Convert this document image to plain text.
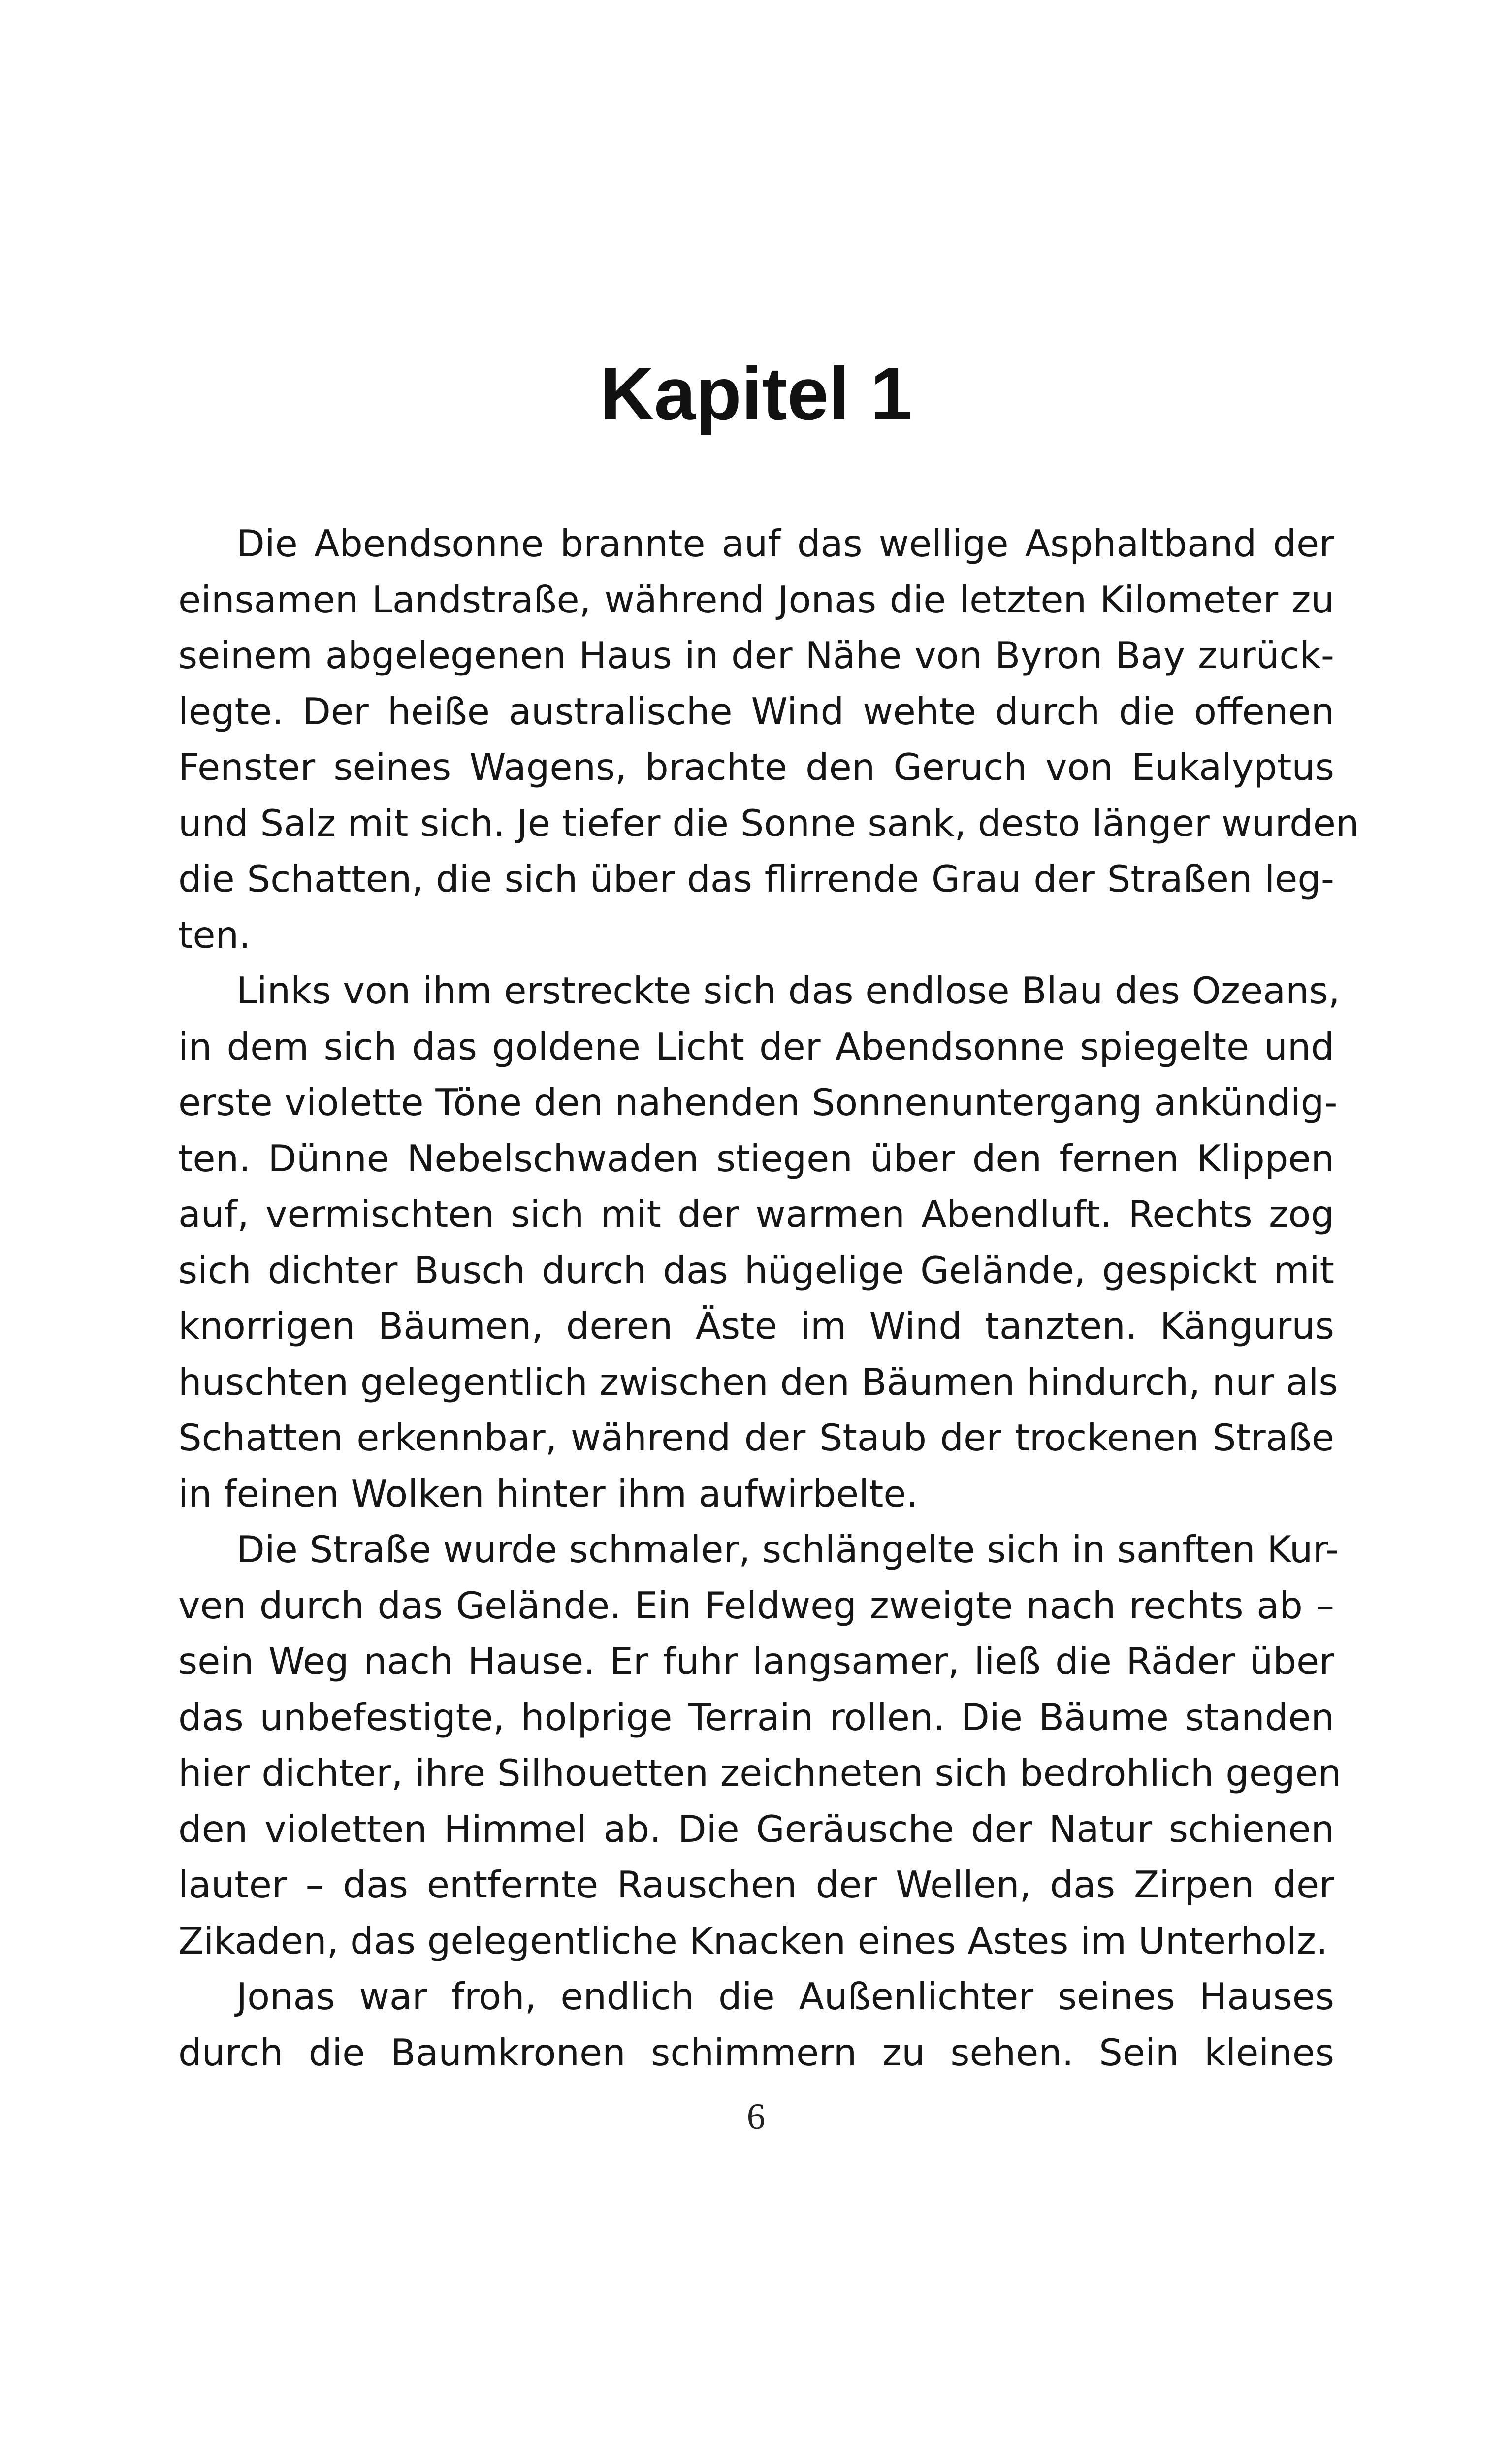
Kapitel 1
Die Abendsonne brannte auf das wellige Asphaltband der
einsamen Landstraße, während Jonas die letzten Kilometer zu
seinem abgelegenen Haus in der Nähe von Byron Bay zurück-
legte. Der heiße australische Wind wehte durch die offenen
Fenster seines Wagens, brachte den Geruch von Eukalyptus
und Salz mit sich. Je tiefer die Sonne sank, desto länger wurden
die Schatten, die sich über das flirrende Grau der Straßen leg-
ten.
Links von ihm erstreckte sich das endlose Blau des Ozeans,
in dem sich das goldene Licht der Abendsonne spiegelte und
erste violette Töne den nahenden Sonnenuntergang ankündig-
ten. Dünne Nebelschwaden stiegen über den fernen Klippen
auf, vermischten sich mit der warmen Abendluft. Rechts zog
sich dichter Busch durch das hügelige Gelände, gespickt mit
knorrigen Bäumen, deren Äste im Wind tanzten. Kängurus
huschten gelegentlich zwischen den Bäumen hindurch, nur als
Schatten erkennbar, während der Staub der trockenen Straße
in feinen Wolken hinter ihm aufwirbelte.
Die Straße wurde schmaler, schlängelte sich in sanften Kur-
ven durch das Gelände. Ein Feldweg zweigte nach rechts ab –
sein Weg nach Hause. Er fuhr langsamer, ließ die Räder über
das unbefestigte, holprige Terrain rollen. Die Bäume standen
hier dichter, ihre Silhouetten zeichneten sich bedrohlich gegen
den violetten Himmel ab. Die Geräusche der Natur schienen
lauter – das entfernte Rauschen der Wellen, das Zirpen der
Zikaden, das gelegentliche Knacken eines Astes im Unterholz.
Jonas war froh, endlich die Außenlichter seines Hauses
durch die Baumkronen schimmern zu sehen. Sein kleines
6
